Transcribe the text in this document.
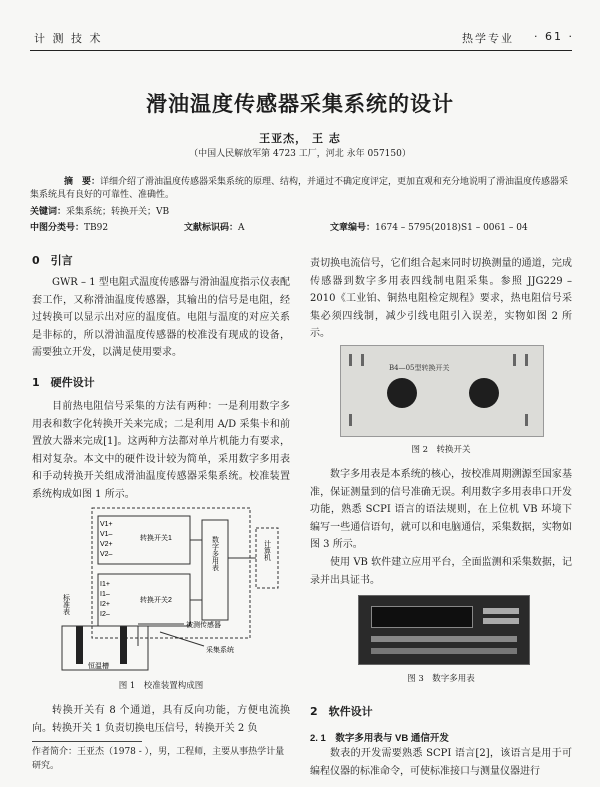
计 测 技 术	热学专业 · 61 ·
滑油温度传感器采集系统的设计
王亚杰， 王 志
（中国人民解放军第 4723 工厂，河北 永年 057150）
摘　要：详细介绍了滑油温度传感器采集系统的原理、结构，并通过不确定度评定，更加直观和充分地说明了滑油温度传感器采集系统具有良好的可靠性、准确性。
关键词：采集系统；转换开关；VB
中图分类号：TB92	文献标识码：A	文章编号：1674 – 5795(2018)S1 – 0061 – 04
0　引言
GWR – 1 型电阻式温度传感器与滑油温度指示仪表配套工作，又称滑油温度传感器，其输出的信号是电阻，经过转换可以显示出对应的温度值。电阻与温度的对应关系是非标的，所以滑油温度传感器的校准没有现成的设备，需要独立开发，以满足使用要求。
1　硬件设计
目前热电阻信号采集的方法有两种：一是利用数字多用表和数字化转换开关来完成；二是利用 A/D 采集卡和前置放大器来完成[1]。这两种方法都对单片机能力有要求，相对复杂。本文中的硬件设计较为简单，采用数字多用表和手动转换开关组成滑油温度传感器采集系统。校准装置系统构成如图 1 所示。
V1+
V1–
V2+
V2–
I1+
I1–
I2+
I2–
转换开关1
转换开关2
数字多用表	计算机
标准表
被测传感器
采集系统
恒温槽
图 1　校准装置构成图
转换开关有 8 个通道，具有反向功能，方便电流换向。转换开关 1 负责切换电压信号，转换开关 2 负
作者简介：王亚杰（1978 - ），男，工程师，主要从事热学计量研究。
责切换电流信号，它们组合起来同时切换测量的通道，完成传感器到数字多用表四线制电阻采集。参照 JJG229 – 2010《工业铂、铜热电阻检定规程》要求，热电阻信号采集必须四线制，减少引线电阻引入误差，实物如图 2 所示。
B4—05型转换开关
图 2　转换开关
数字多用表是本系统的核心，按校准周期溯源至国家基准，保证测量到的信号准确无误。利用数字多用表串口开发功能，熟悉 SCPI 语言的语法规则，在上位机 VB 环境下编写一些通信语句，就可以和电脑通信，采集数据，实物如图 3 所示。
使用 VB 软件建立应用平台，全面监测和采集数据，记录并出具证书。
图 3　数字多用表
2　软件设计
2. 1　数字多用表与 VB 通信开发
数表的开发需要熟悉 SCPI 语言[2]，该语言是用于可编程仪器的标准命令，可使标准接口与测量仪器进行
